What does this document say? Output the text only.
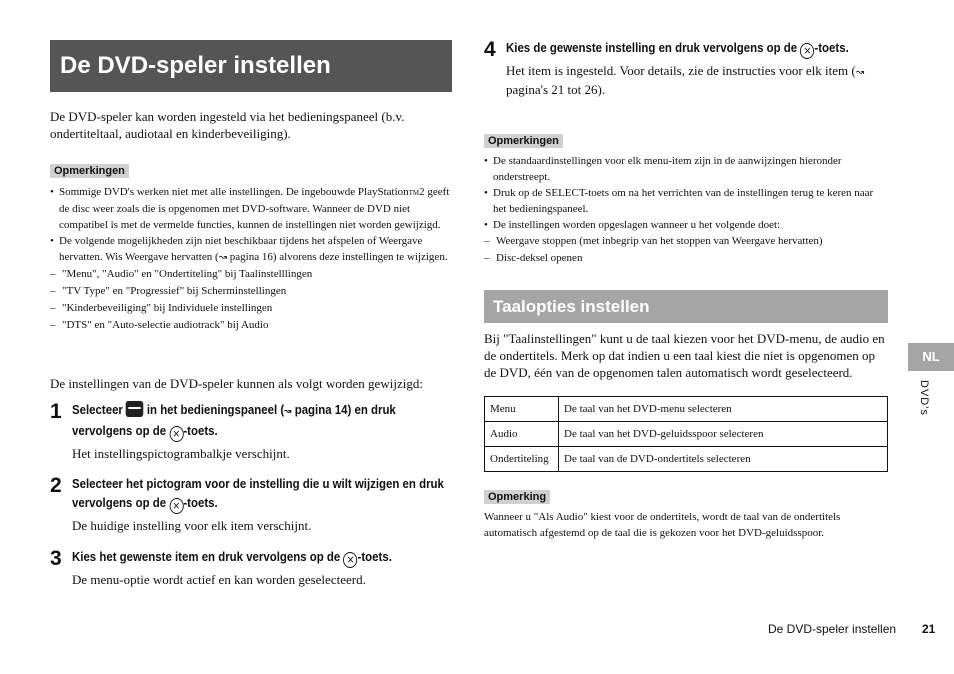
De DVD-speler instellen

De DVD-speler kan worden ingesteld via het bedieningspaneel (b.v. ondertiteltaal, audiotaal en kinderbeveiliging).

Opmerkingen
• Sommige DVD's werken niet met alle instellingen. De ingebouwde PlayStationTM2 geeft de disc weer zoals die is opgenomen met DVD-software. Wanneer de DVD niet compatibel is met de vermelde functies, kunnen de instellingen niet worden gewijzigd.
• De volgende mogelijkheden zijn niet beschikbaar tijdens het afspelen of Weergave hervatten. Wis Weergave hervatten (↝ pagina 16) alvorens deze instellingen te wijzigen.
– "Menu", "Audio" en "Ondertiteling" bij Taalinstelllingen
– "TV Type" en "Progressief" bij Scherminstellingen
– "Kinderbeveiliging" bij Individuele instellingen
– "DTS" en "Auto-selectie audiotrack" bij Audio

De instellingen van de DVD-speler kunnen als volgt worden gewijzigd:

1 Selecteer  in het bedieningspaneel (↝ pagina 14) en druk vervolgens op de × -toets.

Het instellingspictogrambalkje verschijnt.

2 Selecteer het pictogram voor de instelling die u wilt wijzigen en druk vervolgens op de × -toets.

De huidige instelling voor elk item verschijnt.

3 Kies het gewenste item en druk vervolgens op de × -toets.

De menu-optie wordt actief en kan worden geselecteerd.

4 Kies de gewenste instelling en druk vervolgens op de × -toets.

Het item is ingesteld. Voor details, zie de instructies voor elk item (↝ pagina's 21 tot 26).

Opmerkingen
• De standaardinstellingen voor elk menu-item zijn in de aanwijzingen hieronder onderstreept.
• Druk op de SELECT-toets om na het verrichten van de instellingen terug te keren naar het bedieningspaneel.
• De instellingen worden opgeslagen wanneer u het volgende doet:
– Weergave stoppen (met inbegrip van het stoppen van Weergave hervatten)
– Disc-deksel openen
Taalopties instellen

Bij "Taalinstellingen" kunt u de taal kiezen voor het DVD-menu, de audio en de ondertitels. Merk op dat indien u een taal kiest die niet is opgenomen op de DVD, één van de opgenomen talen automatisch wordt geselecteerd.

Menu	De taal van het DVD-menu selecteren
Audio	De taal van het DVD-geluidsspoor selecteren
Ondertiteling	De taal van de DVD-ondertitels selecteren
Opmerking

Wanneer u "Als Audio" kiest voor de ondertitels, wordt de taal van de ondertitels automatisch afgestemd op de taal die is gekozen voor het DVD-geluidsspoor.

NL
DVD's
De DVD-speler instellen 21
